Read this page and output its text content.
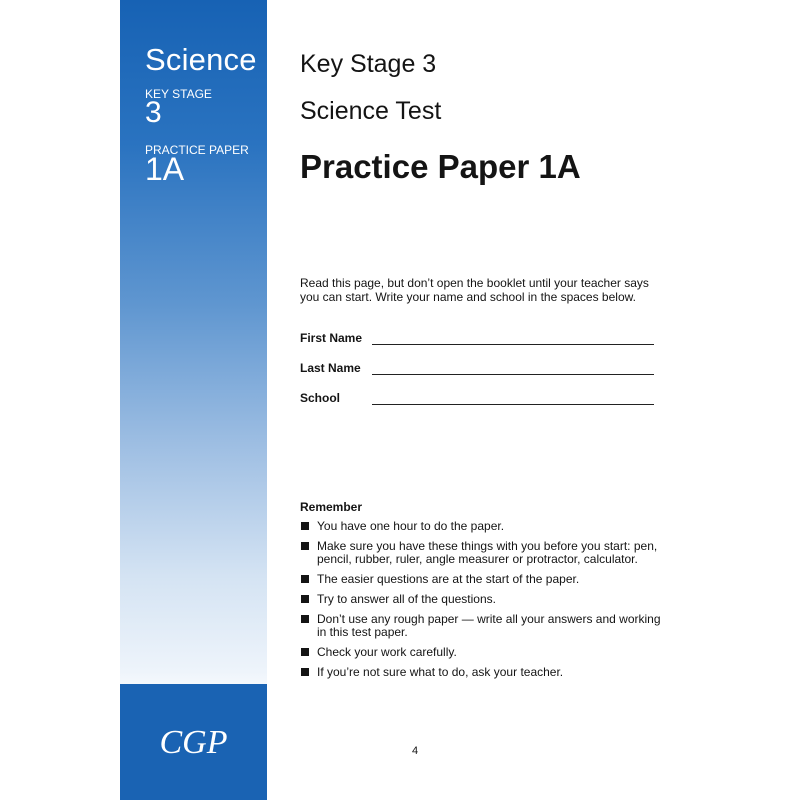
Science
KEY STAGE
3
PRACTICE PAPER
1A
CGP
Key Stage 3
Science Test
Practice Paper 1A
Read this page, but don’t open the booklet until your teacher says you can start. Write your name and school in the spaces below.
First Name
Last Name
School
Remember
You have one hour to do the paper.
Make sure you have these things with you before you start: pen, pencil, rubber, ruler, angle measurer or protractor, calculator.
The easier questions are at the start of the paper.
Try to answer all of the questions.
Don’t use any rough paper — write all your answers and working in this test paper.
Check your work carefully.
If you’re not sure what to do, ask your teacher.
4
